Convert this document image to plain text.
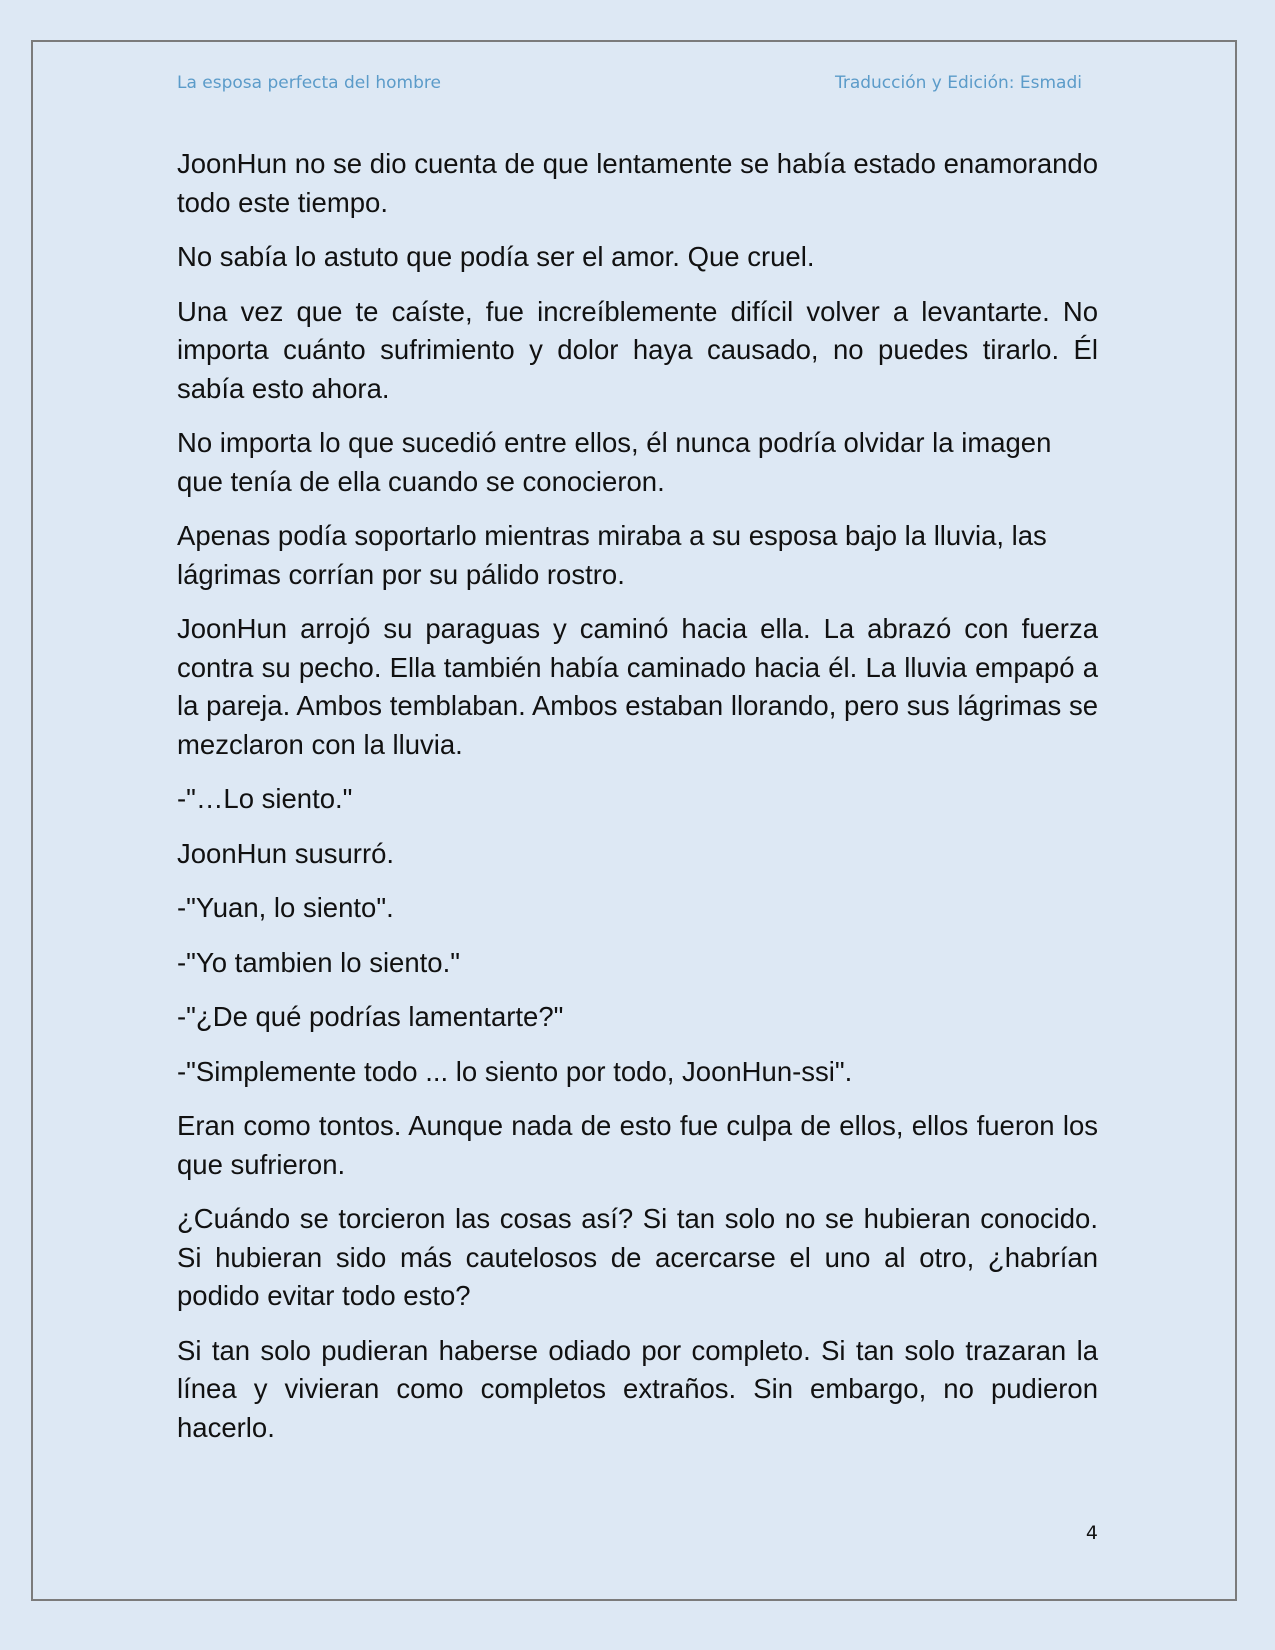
La esposa perfecta del hombre	Traducción y Edición: Esmadi

JoonHun no se dio cuenta de que lentamente se había estado enamorando todo este tiempo.

No sabía lo astuto que podía ser el amor. Que cruel.

Una vez que te caíste, fue increíblemente difícil volver a levantarte. No importa cuánto sufrimiento y dolor haya causado, no puedes tirarlo. Él sabía esto ahora.

No importa lo que sucedió entre ellos, él nunca podría olvidar la imagen que tenía de ella cuando se conocieron.

Apenas podía soportarlo mientras miraba a su esposa bajo la lluvia, las lágrimas corrían por su pálido rostro.

JoonHun arrojó su paraguas y caminó hacia ella. La abrazó con fuerza contra su pecho. Ella también había caminado hacia él. La lluvia empapó a la pareja. Ambos temblaban. Ambos estaban llorando, pero sus lágrimas se mezclaron con la lluvia.

-"…Lo siento."

JoonHun susurró.

-"Yuan, lo siento".

-"Yo tambien lo siento."

-"¿De qué podrías lamentarte?"

-"Simplemente todo ... lo siento por todo, JoonHun-ssi".

Eran como tontos. Aunque nada de esto fue culpa de ellos, ellos fueron los que sufrieron.

¿Cuándo se torcieron las cosas así? Si tan solo no se hubieran conocido. Si hubieran sido más cautelosos de acercarse el uno al otro, ¿habrían podido evitar todo esto?

Si tan solo pudieran haberse odiado por completo. Si tan solo trazaran la línea y vivieran como completos extraños. Sin embargo, no pudieron hacerlo.

4
